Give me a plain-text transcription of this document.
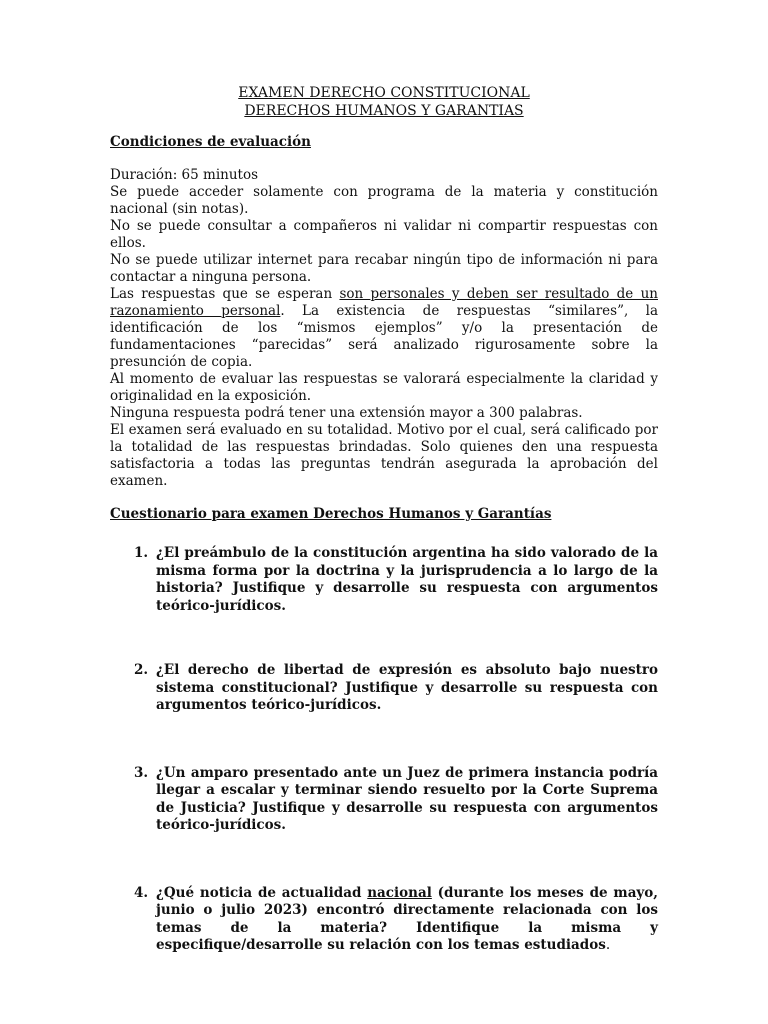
EXAMEN DERECHO CONSTITUCIONAL
DERECHOS HUMANOS Y GARANTIAS
Condiciones de evaluación

Duración: 65 minutos

Se puede acceder solamente con programa de la materia y constitución nacional (sin notas).

No se puede consultar a compañeros ni validar ni compartir respuestas con ellos.

No se puede utilizar internet para recabar ningún tipo de información ni para contactar a ninguna persona.

Las respuestas que se esperan son personales y deben ser resultado de un razonamiento personal. La existencia de respuestas “similares”, la identificación de los “mismos ejemplos” y/o la presentación de fundamentaciones “parecidas” será analizado rigurosamente sobre la presunción de copia.

Al momento de evaluar las respuestas se valorará especialmente la claridad y originalidad en la exposición.

Ninguna respuesta podrá tener una extensión mayor a 300 palabras.

El examen será evaluado en su totalidad. Motivo por el cual, será calificado por la totalidad de las respuestas brindadas. Solo quienes den una respuesta satisfactoria a todas las preguntas tendrán asegurada la aprobación del examen.

Cuestionario para examen Derechos Humanos y Garantías
1. ¿El preámbulo de la constitución argentina ha sido valorado de la misma forma por la doctrina y la jurisprudencia a lo largo de la historia? Justifique y desarrolle su respuesta con argumentos teórico-jurídicos.
2. ¿El derecho de libertad de expresión es absoluto bajo nuestro sistema constitucional? Justifique y desarrolle su respuesta con argumentos teórico-jurídicos.
3. ¿Un amparo presentado ante un Juez de primera instancia podría llegar a escalar y terminar siendo resuelto por la Corte Suprema de Justicia? Justifique y desarrolle su respuesta con argumentos teórico-jurídicos.
4. ¿Qué noticia de actualidad nacional (durante los meses de mayo, junio o julio 2023) encontró directamente relacionada con los temas de la materia? Identifique la misma y especifique/desarrolle su relación con los temas estudiados.
